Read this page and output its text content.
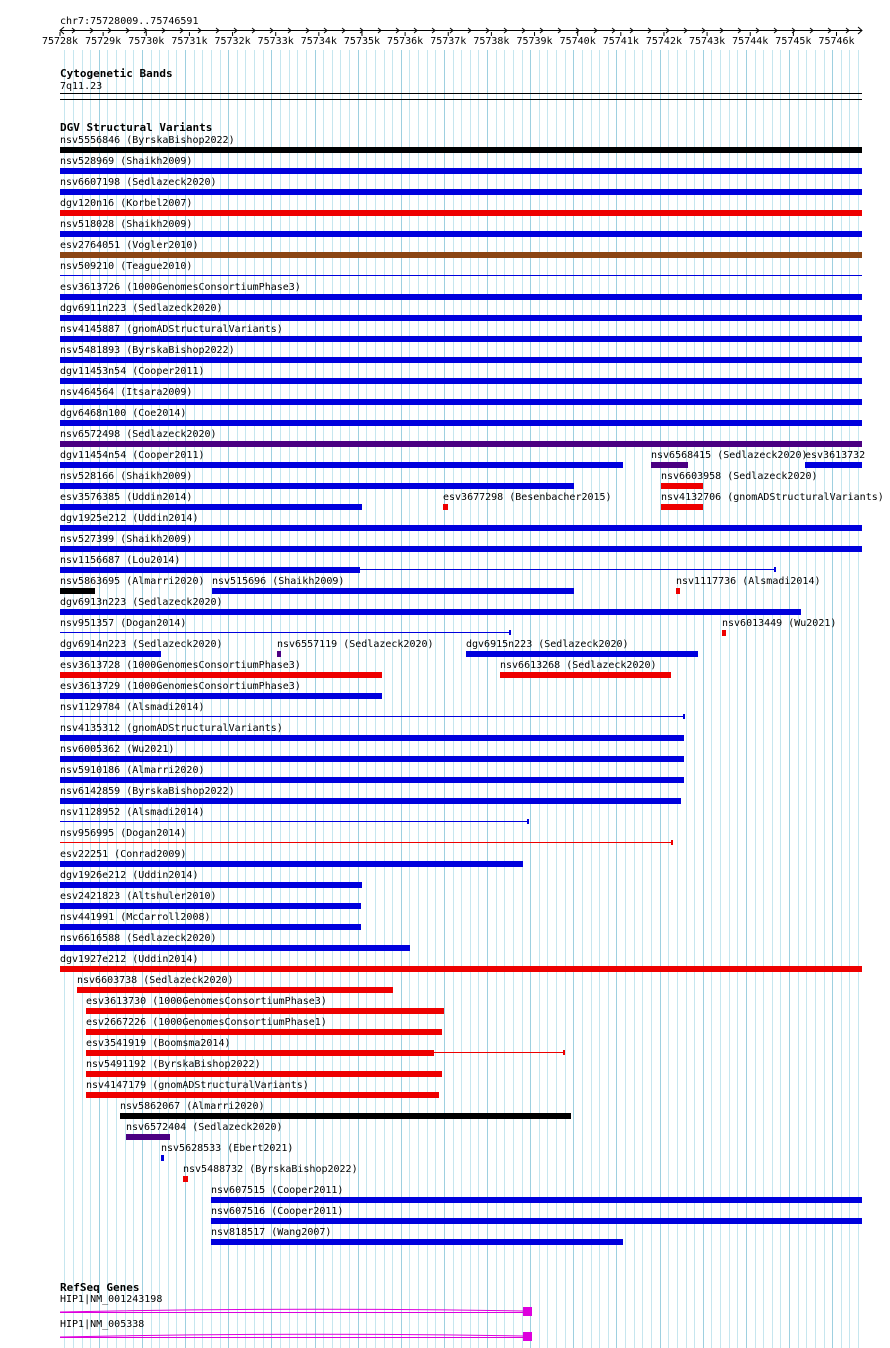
chr7:75728009..75746591
75728k 75729k 75730k 75731k 75732k 75733k 75734k 75735k 75736k 75737k 75738k 75739k 75740k 75741k 75742k 75743k 75744k 75745k 75746k
Cytogenetic Bands
7q11.23
DGV Structural Variants
nsv5556846 (ByrskaBishop2022)
nsv528969 (Shaikh2009)
nsv6607198 (Sedlazeck2020)
dgv120n16 (Korbel2007)
nsv518028 (Shaikh2009)
esv2764051 (Vogler2010)
nsv509210 (Teague2010)
esv3613726 (1000GenomesConsortiumPhase3)
dgv6911n223 (Sedlazeck2020)
nsv4145887 (gnomADStructuralVariants)
nsv5481893 (ByrskaBishop2022)
dgv11453n54 (Cooper2011)
nsv464564 (Itsara2009)
dgv6468n100 (Coe2014)
nsv6572498 (Sedlazeck2020)
dgv11454n54 (Cooper2011)	nsv6568415 (Sedlazeck2020)
esv3613732
nsv528166 (Shaikh2009)	nsv6603958 (Sedlazeck2020)
esv3576385 (Uddin2014)	esv3677298 (Besenbacher2015)	nsv4132706 (gnomADStructuralVariants)
dgv1925e212 (Uddin2014)
nsv527399 (Shaikh2009)
nsv1156687 (Lou2014)
nsv5863695 (Almarri2020) nsv515696 (Shaikh2009)	nsv1117736 (Alsmadi2014)
dgv6913n223 (Sedlazeck2020)
nsv951357 (Dogan2014)	nsv6013449 (Wu2021)
dgv6914n223 (Sedlazeck2020)	nsv6557119 (Sedlazeck2020)	dgv6915n223 (Sedlazeck2020)
esv3613728 (1000GenomesConsortiumPhase3)	nsv6613268 (Sedlazeck2020)
esv3613729 (1000GenomesConsortiumPhase3)
nsv1129784 (Alsmadi2014)
nsv4135312 (gnomADStructuralVariants)
nsv6005362 (Wu2021)
nsv5910186 (Almarri2020)
nsv6142859 (ByrskaBishop2022)
nsv1128952 (Alsmadi2014)
nsv956995 (Dogan2014)
esv22251 (Conrad2009)
dgv1926e212 (Uddin2014)
esv2421823 (Altshuler2010)
nsv441991 (McCarroll2008)
nsv6616588 (Sedlazeck2020)
dgv1927e212 (Uddin2014)
nsv6603738 (Sedlazeck2020)
esv3613730 (1000GenomesConsortiumPhase3)
esv2667226 (1000GenomesConsortiumPhase1)
esv3541919 (Boomsma2014)
nsv5491192 (ByrskaBishop2022)
nsv4147179 (gnomADStructuralVariants)
nsv5862067 (Almarri2020)
nsv6572404 (Sedlazeck2020)
nsv5628533 (Ebert2021)
nsv5488732 (ByrskaBishop2022)
nsv607515 (Cooper2011)
nsv607516 (Cooper2011)
nsv818517 (Wang2007)
RefSeq Genes
HIP1|NM_001243198
HIP1|NM_005338
